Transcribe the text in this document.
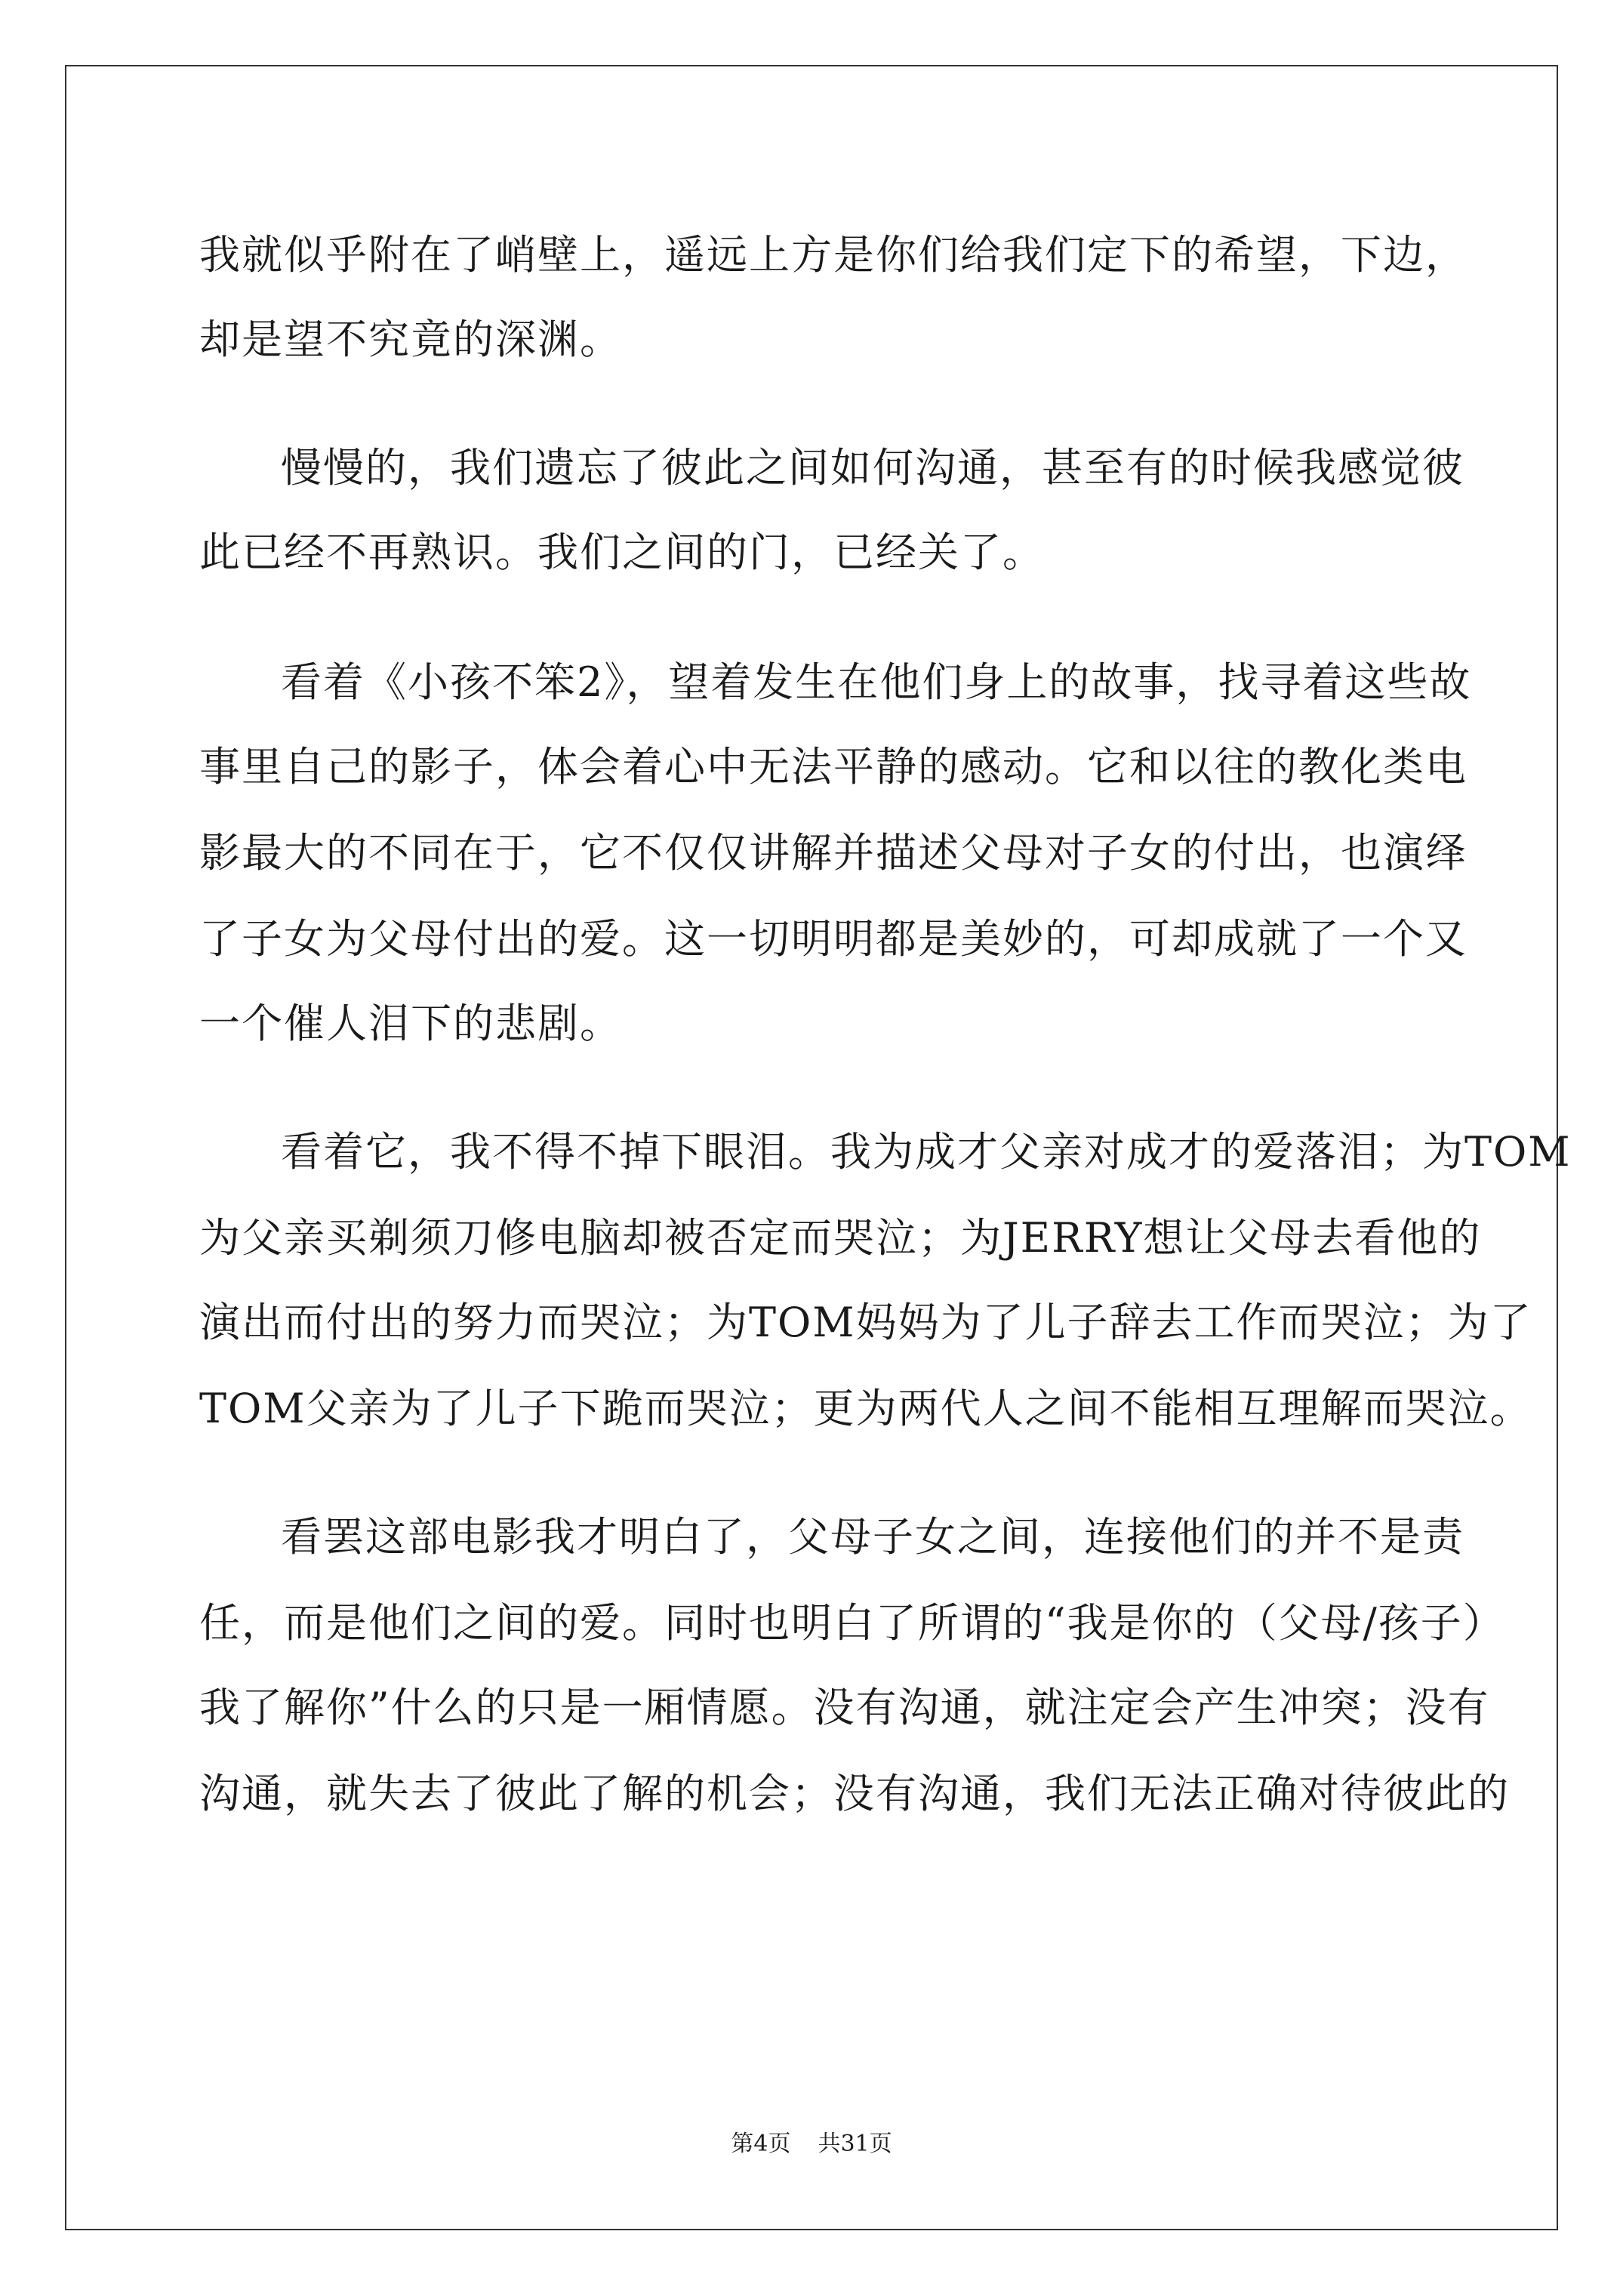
我就似乎附在了峭壁上，遥远上方是你们给我们定下的希望，下边，
却是望不究竟的深渊。
慢慢的，我们遗忘了彼此之间如何沟通，甚至有的时候我感觉彼
此已经不再熟识。我们之间的门，已经关了。
看着《小孩不笨2》，望着发生在他们身上的故事，找寻着这些故
事里自己的影子，体会着心中无法平静的感动。它和以往的教化类电
影最大的不同在于，它不仅仅讲解并描述父母对子女的付出，也演绎
了子女为父母付出的爱。这一切明明都是美妙的，可却成就了一个又
一个催人泪下的悲剧。
看着它，我不得不掉下眼泪。我为成才父亲对成才的爱落泪；为TOM
为父亲买剃须刀修电脑却被否定而哭泣；为JERRY想让父母去看他的
演出而付出的努力而哭泣；为TOM妈妈为了儿子辞去工作而哭泣；为了
TOM父亲为了儿子下跪而哭泣；更为两代人之间不能相互理解而哭泣。
看罢这部电影我才明白了，父母子女之间，连接他们的并不是责
任，而是他们之间的爱。同时也明白了所谓的“我是你的（父母/孩子）
我了解你”什么的只是一厢情愿。没有沟通，就注定会产生冲突；没有
沟通，就失去了彼此了解的机会；没有沟通，我们无法正确对待彼此的
第4页 共31页
